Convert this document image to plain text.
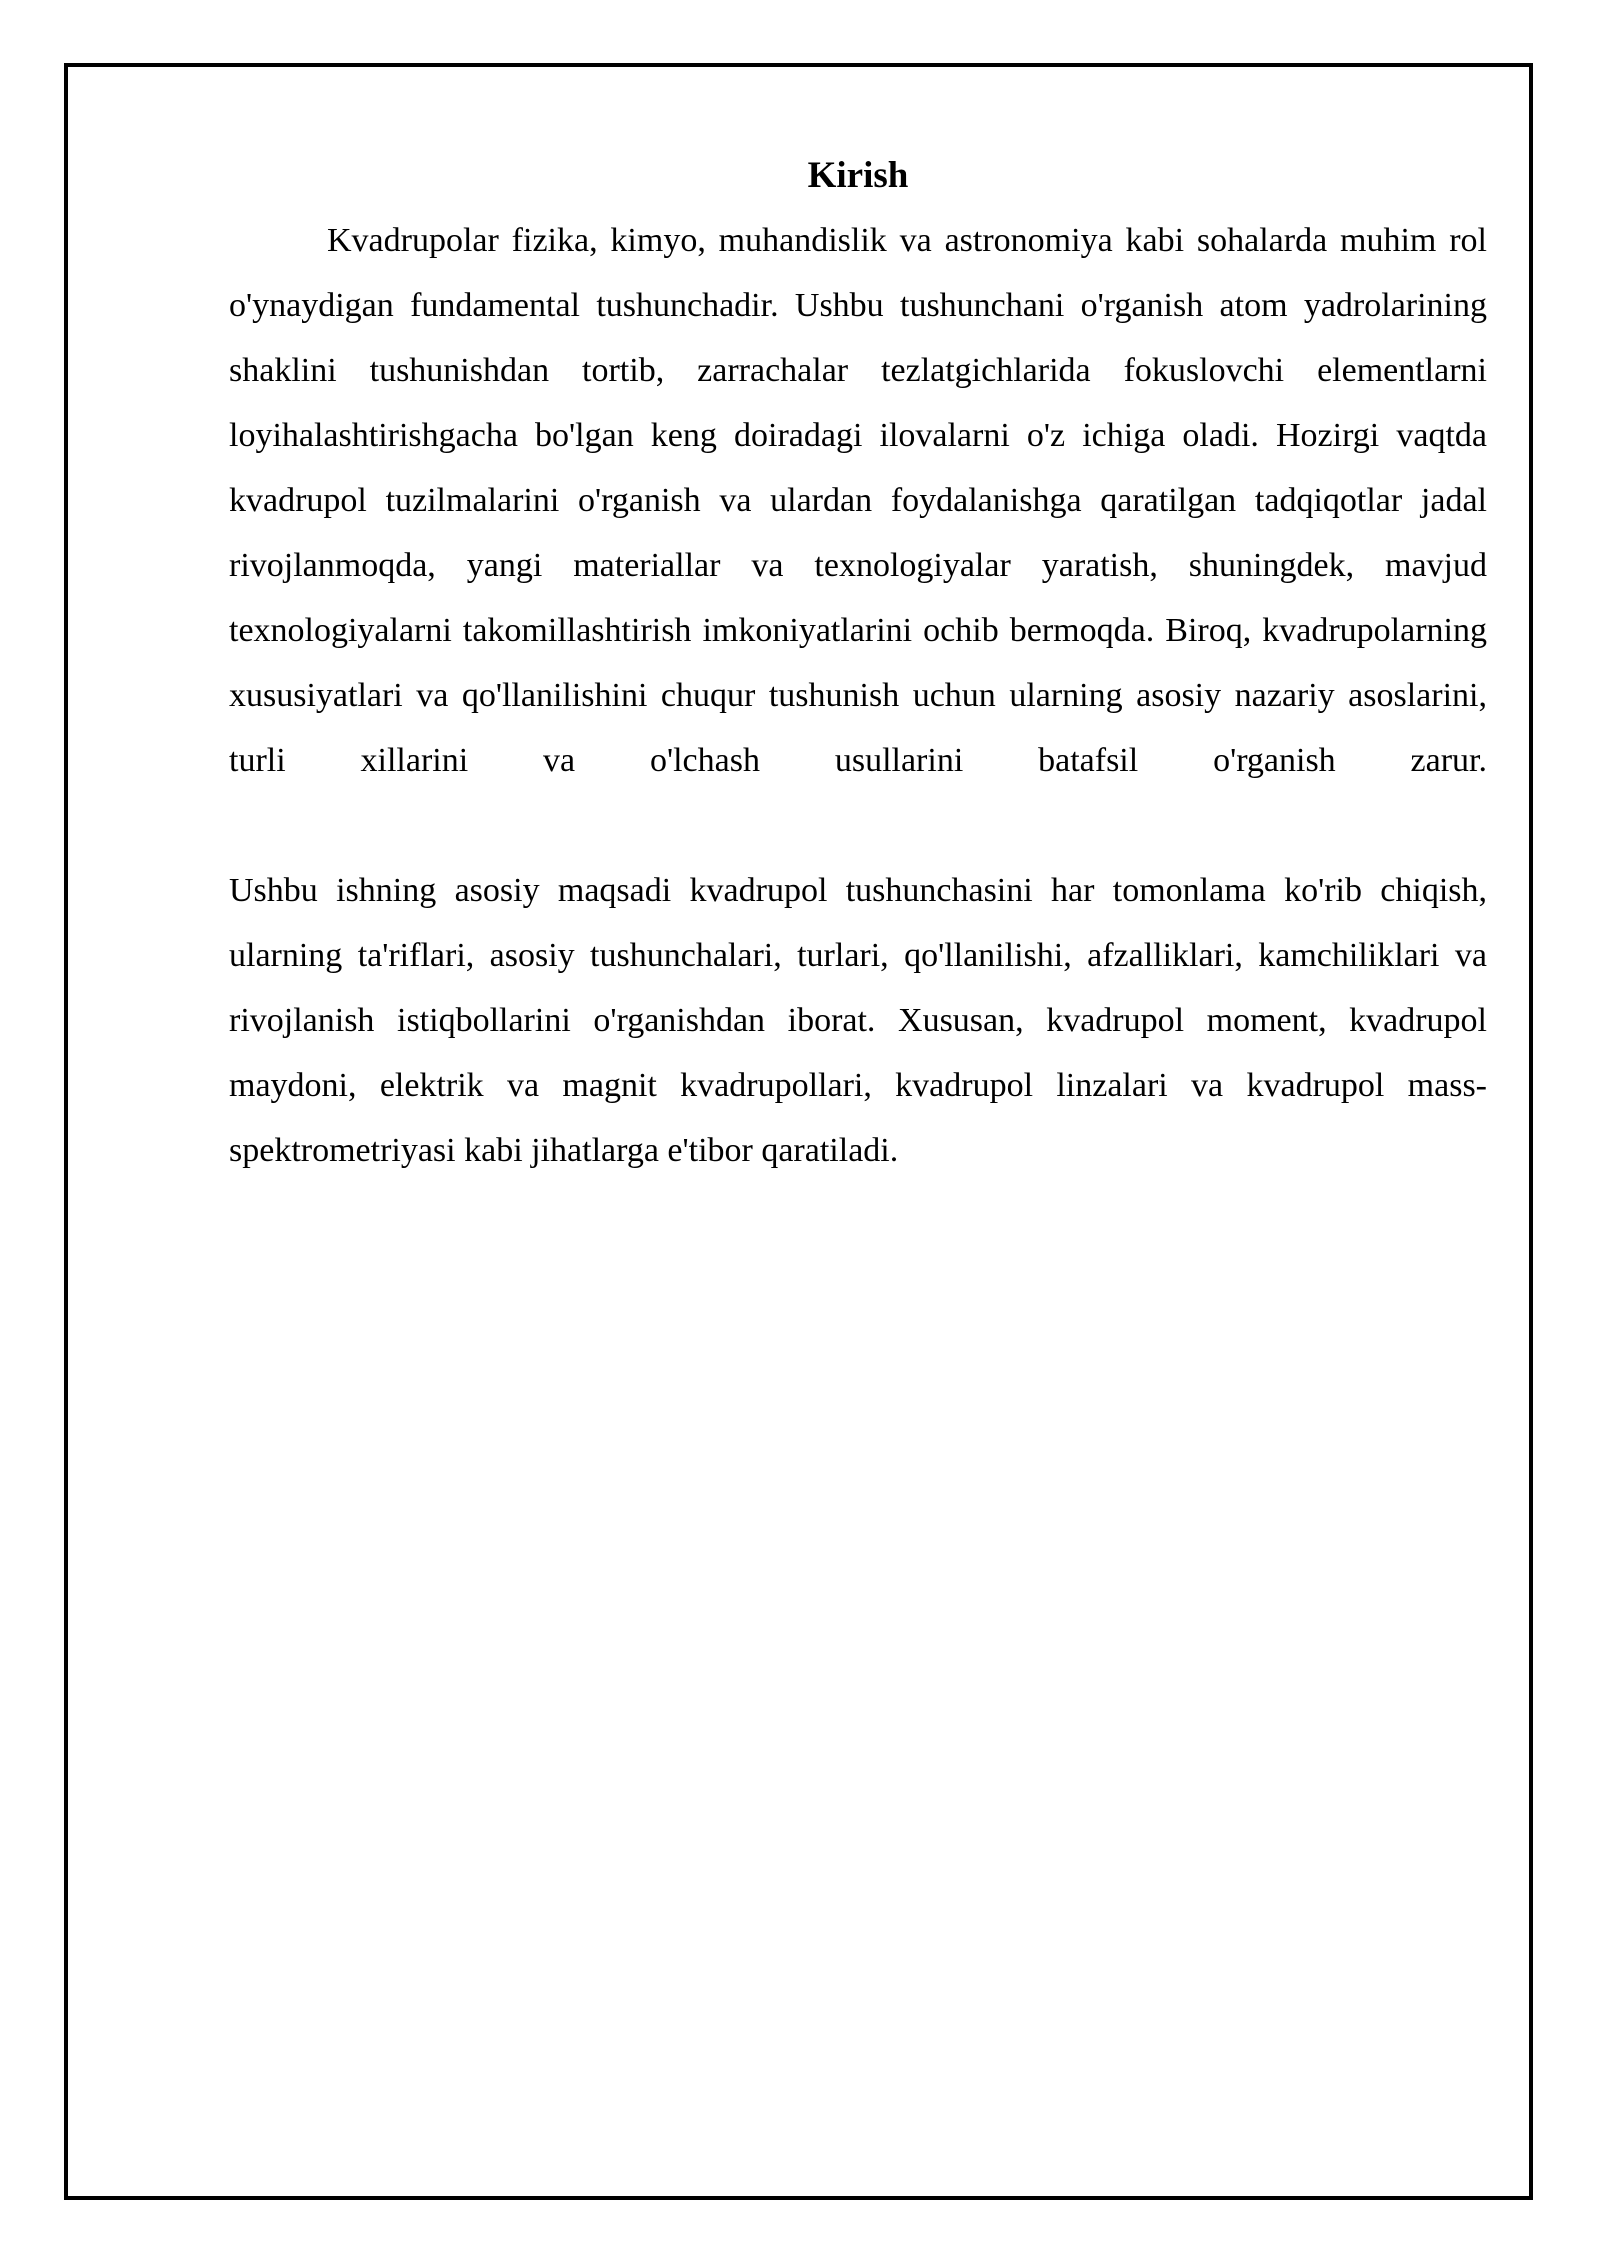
Kirish

Kvadrupolar fizika, kimyo, muhandislik va astronomiya kabi sohalarda muhim rol o'ynaydigan fundamental tushunchadir. Ushbu tushunchani o'rganish atom yadrolarining shaklini tushunishdan tortib, zarrachalar tezlatgichlarida fokuslovchi elementlarni loyihalashtirishgacha bo'lgan keng doiradagi ilovalarni o'z ichiga oladi. Hozirgi vaqtda kvadrupol tuzilmalarini o'rganish va ulardan foydalanishga qaratilgan tadqiqotlar jadal rivojlanmoqda, yangi materiallar va texnologiyalar yaratish, shuningdek, mavjud texnologiyalarni takomillashtirish imkoniyatlarini ochib bermoqda. Biroq, kvadrupolarning xususiyatlari va qo'llanilishini chuqur tushunish uchun ularning asosiy nazariy asoslarini, turli xillarini va o'lchash usullarini batafsil o'rganish zarur.

Ushbu ishning asosiy maqsadi kvadrupol tushunchasini har tomonlama ko'rib chiqish, ularning ta'riflari, asosiy tushunchalari, turlari, qo'llanilishi, afzalliklari, kamchiliklari va rivojlanish istiqbollarini o'rganishdan iborat. Xususan, kvadrupol moment, kvadrupol maydoni, elektrik va magnit kvadrupollari, kvadrupol linzalari va kvadrupol mass-spektrometriyasi kabi jihatlarga e'tibor qaratiladi.
